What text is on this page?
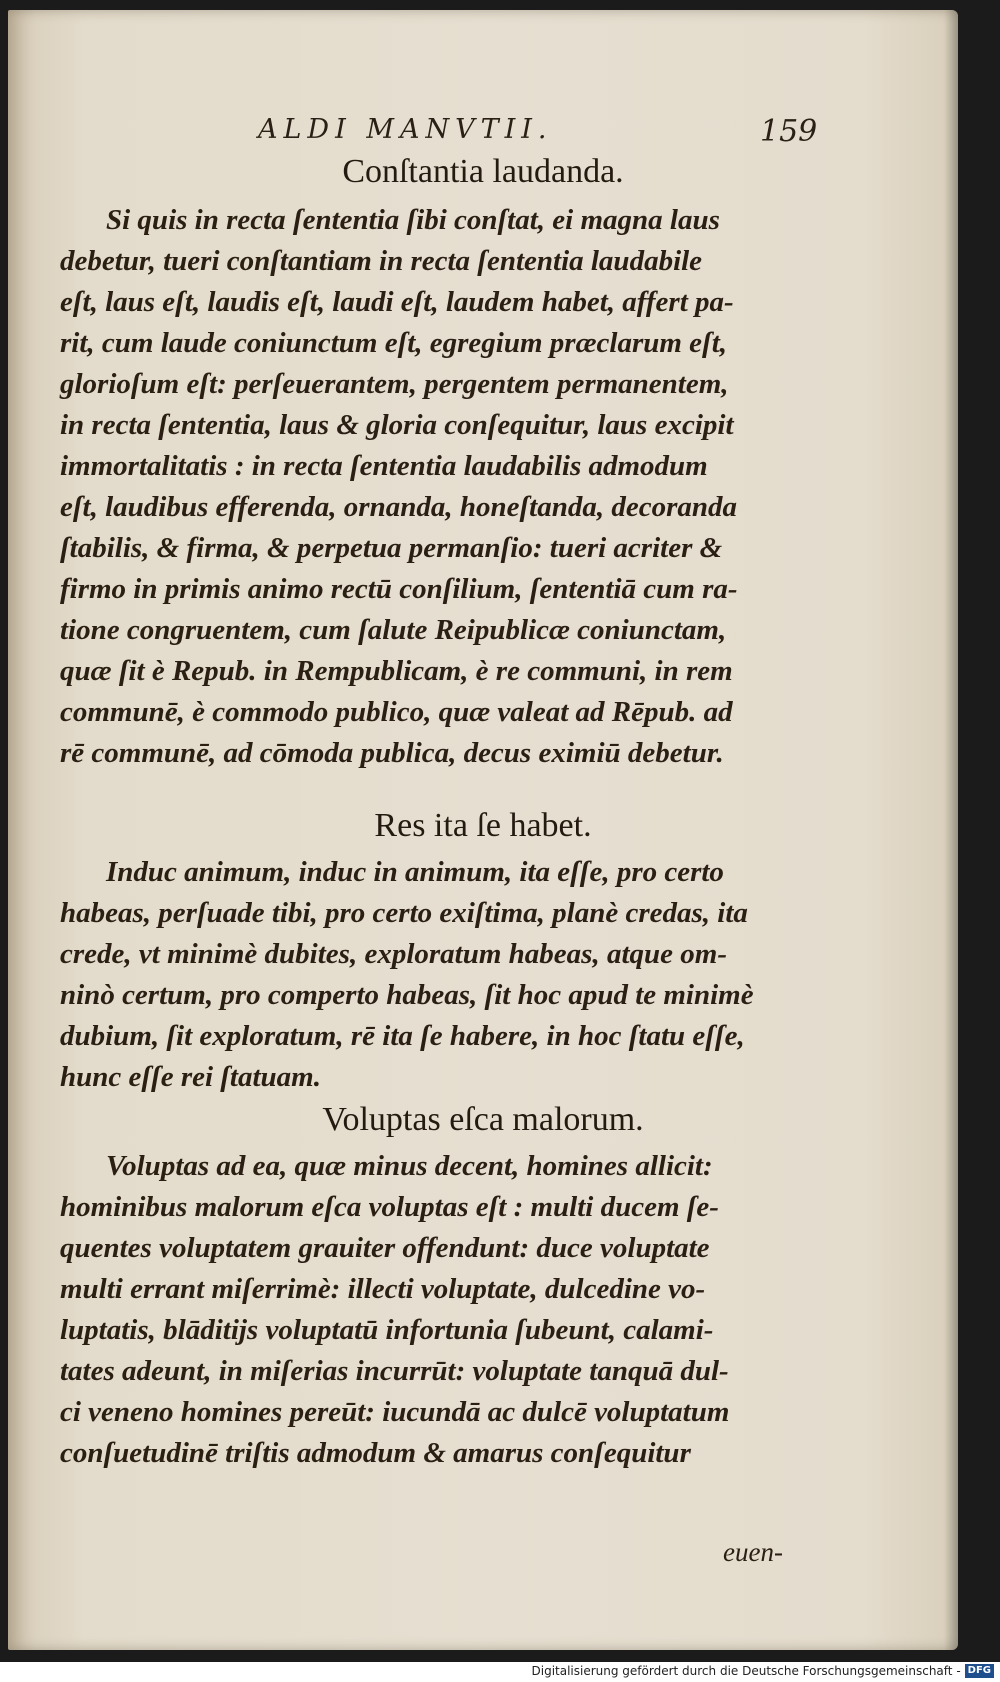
ALDI MANVTII.	159
Conſtantia laudanda.
Si quis in recta ſententia ſibi conſtat, ei magna laus
debetur, tueri conſtantiam in recta ſententia laudabile
eſt, laus eſt, laudis eſt, laudi eſt, laudem habet, affert pa-
rit, cum laude coniunctum eſt, egregium præclarum eſt,
glorioſum eſt: perſeuerantem, pergentem permanentem,
in recta ſententia, laus & gloria conſequitur, laus excipit
immortalitatis : in recta ſententia laudabilis admodum
eſt, laudibus efferenda, ornanda, honeſtanda, decoranda
ſtabilis, & firma, & perpetua permanſio: tueri acriter &
firmo in primis animo rectū conſilium, ſententiā cum ra-
tione congruentem, cum ſalute Reipublicæ coniunctam,
quæ ſit è Repub. in Rempublicam, è re communi, in rem
communē, è commodo publico, quæ valeat ad Rēpub. ad
rē communē, ad cōmoda publica, decus eximiū debetur.
Res ita ſe habet.
Induc animum, induc in animum, ita eſſe, pro certo
habeas, perſuade tibi, pro certo exiſtima, planè credas, ita
crede, vt minimè dubites, exploratum habeas, atque om-
ninò certum, pro comperto habeas, ſit hoc apud te minimè
dubium, ſit exploratum, rē ita ſe habere, in hoc ſtatu eſſe,
hunc eſſe rei ſtatuam.
Voluptas eſca malorum.
Voluptas ad ea, quæ minus decent, homines allicit:
hominibus malorum eſca voluptas eſt : multi ducem ſe-
quentes voluptatem grauiter offendunt: duce voluptate
multi errant miſerrimè: illecti voluptate, dulcedine vo-
luptatis, blāditijs voluptatū infortunia ſubeunt, calami-
tates adeunt, in miſerias incurrūt: voluptate tanquā dul-
ci veneno homines pereūt: iucundā ac dulcē voluptatum
conſuetudinē triſtis admodum & amarus conſequitur
euen-
Digitalisierung gefördert durch die Deutsche Forschungsgemeinschaft - DFG
